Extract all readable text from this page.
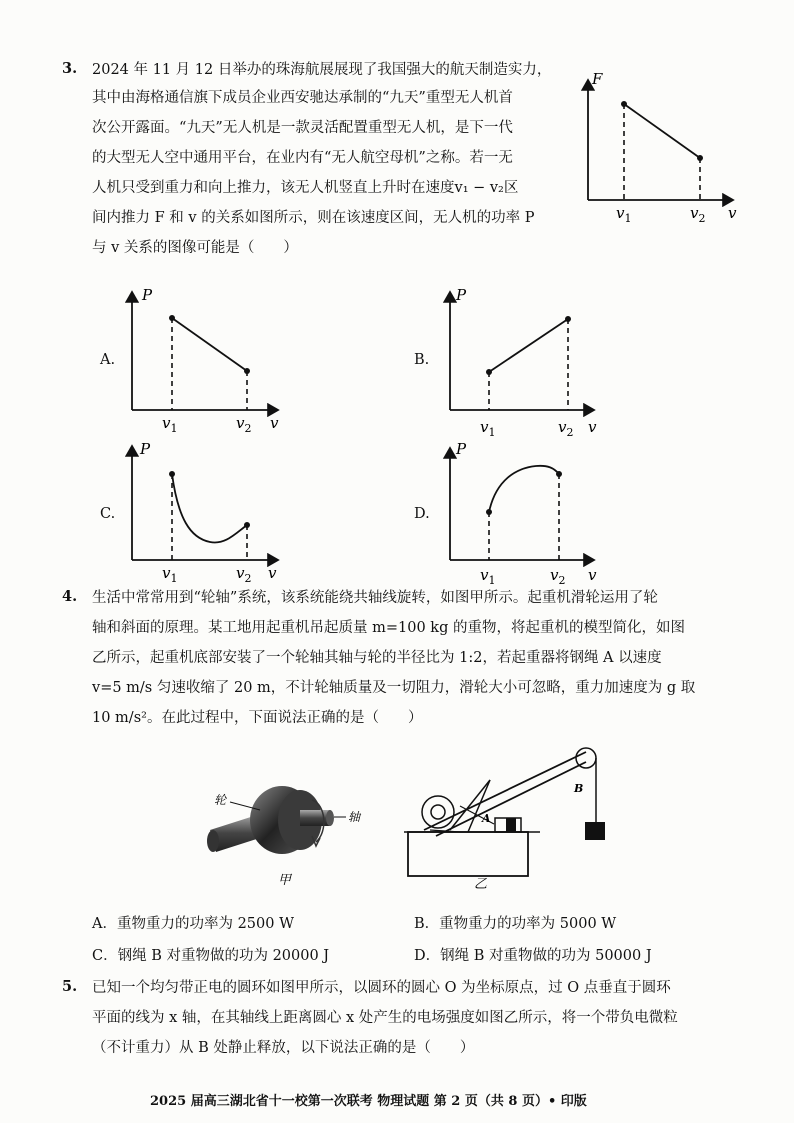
3. 2024 年 11 月 12 日举办的珠海航展展现了我国强大的航天制造实力，
其中由海格通信旗下成员企业西安驰达承制的“九天”重型无人机首
次公开露面。“九天”无人机是一款灵活配置重型无人机，是下一代
的大型无人空中通用平台，在业内有“无人航空母机”之称。若一无
人机只受到重力和向上推力，该无人机竖直上升时在速度v₁ − v₂区
间内推力 F 和 v 的关系如图所示，则在该速度区间，无人机的功率 P
与 v 关系的图像可能是（　　）
F
v
$v_1$	$v_2$
A.
P
v
$v_1$	$v_2$
B.
P
v
$v_1$	$v_2$
C.
P
v
$v_1$	$v_2$
D.
P
v
$v_1$	$v_2$
4. 生活中常常用到“轮轴”系统，该系统能绕共轴线旋转，如图甲所示。起重机滑轮运用了轮
轴和斜面的原理。某工地用起重机吊起质量 m=100 kg 的重物，将起重机的模型简化，如图
乙所示，起重机底部安装了一个轮轴其轴与轮的半径比为 1:2，若起重器将钢绳 A 以速度
v=5 m/s 匀速收缩了 20 m，不计轮轴质量及一切阻力，滑轮大小可忽略，重力加速度为 g 取
10 m/s²。在此过程中，下面说法正确的是（　　）
轮
轴
甲
A
B
乙
A．重物重力的功率为 2500 W	B．重物重力的功率为 5000 W
C．钢绳 B 对重物做的功为 20000 J	D．钢绳 B 对重物做的功为 50000 J
5. 已知一个均匀带正电的圆环如图甲所示，以圆环的圆心 O 为坐标原点，过 O 点垂直于圆环
平面的线为 x 轴，在其轴线上距离圆心 x 处产生的电场强度如图乙所示，将一个带负电微粒
（不计重力）从 B 处静止释放，以下说法正确的是（　　）
2025 届高三湖北省十一校第一次联考 物理试题 第 2 页（共 8 页）• 印版
